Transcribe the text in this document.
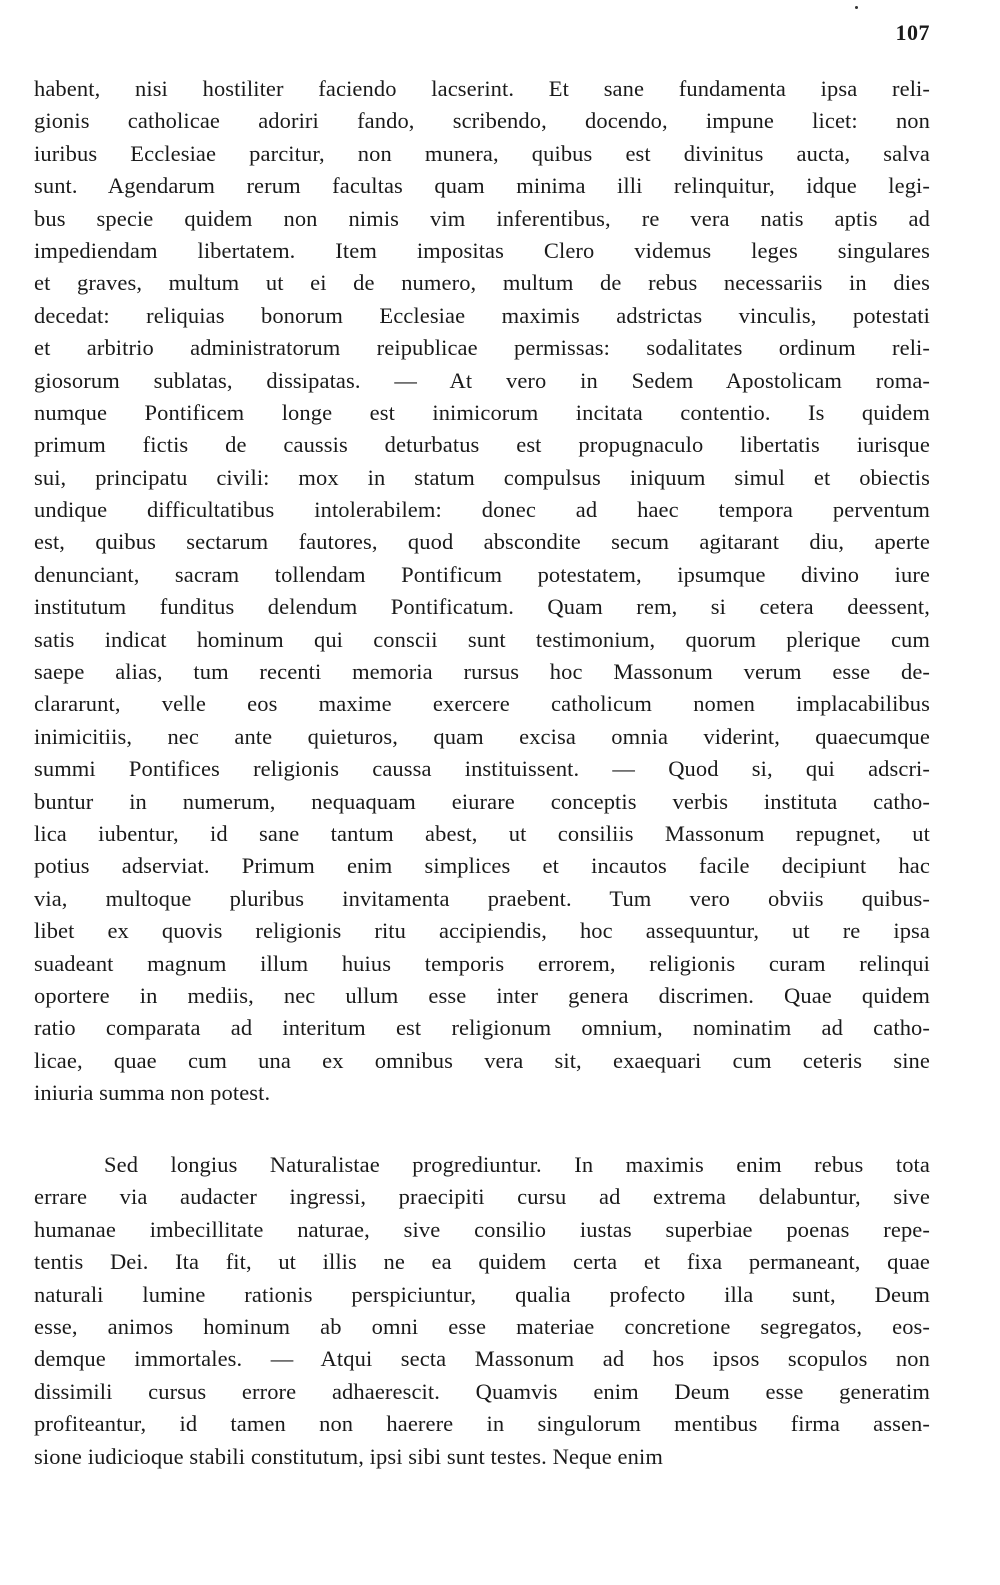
107
habent, nisi hostiliter faciendo lacserint. Et sane fundamenta ipsa reli-
gionis catholicae adoriri fando, scribendo, docendo, impune licet: non
iuribus Ecclesiae parcitur, non munera, quibus est divinitus aucta, salva
sunt. Agendarum rerum facultas quam minima illi relinquitur, idque legi-
bus specie quidem non nimis vim inferentibus, re vera natis aptis ad
impediendam libertatem. Item impositas Clero videmus leges singulares
et graves, multum ut ei de numero, multum de rebus necessariis in dies
decedat: reliquias bonorum Ecclesiae maximis adstrictas vinculis, potestati
et arbitrio administratorum reipublicae permissas: sodalitates ordinum reli-
giosorum sublatas, dissipatas. — At vero in Sedem Apostolicam roma-
numque Pontificem longe est inimicorum incitata contentio. Is quidem
primum fictis de caussis deturbatus est propugnaculo libertatis iurisque
sui, principatu civili: mox in statum compulsus iniquum simul et obiectis
undique difficultatibus intolerabilem: donec ad haec tempora perventum
est, quibus sectarum fautores, quod abscondite secum agitarant diu, aperte
denunciant, sacram tollendam Pontificum potestatem, ipsumque divino iure
institutum funditus delendum Pontificatum. Quam rem, si cetera deessent,
satis indicat hominum qui conscii sunt testimonium, quorum plerique cum
saepe alias, tum recenti memoria rursus hoc Massonum verum esse de-
clararunt, velle eos maxime exercere catholicum nomen implacabilibus
inimicitiis, nec ante quieturos, quam excisa omnia viderint, quaecumque
summi Pontifices religionis caussa instituissent. — Quod si, qui adscri-
buntur in numerum, nequaquam eiurare conceptis verbis instituta catho-
lica iubentur, id sane tantum abest, ut consiliis Massonum repugnet, ut
potius adserviat. Primum enim simplices et incautos facile decipiunt hac
via, multoque pluribus invitamenta praebent. Tum vero obviis quibus-
libet ex quovis religionis ritu accipiendis, hoc assequuntur, ut re ipsa
suadeant magnum illum huius temporis errorem, religionis curam relinqui
oportere in mediis, nec ullum esse inter genera discrimen. Quae quidem
ratio comparata ad interitum est religionum omnium, nominatim ad catho-
licae, quae cum una ex omnibus vera sit, exaequari cum ceteris sine
iniuria summa non potest.
Sed longius Naturalistae progrediuntur. In maximis enim rebus tota
errare via audacter ingressi, praecipiti cursu ad extrema delabuntur, sive
humanae imbecillitate naturae, sive consilio iustas superbiae poenas repe-
tentis Dei. Ita fit, ut illis ne ea quidem certa et fixa permaneant, quae
naturali lumine rationis perspiciuntur, qualia profecto illa sunt, Deum
esse, animos hominum ab omni esse materiae concretione segregatos, eos-
demque immortales. — Atqui secta Massonum ad hos ipsos scopulos non
dissimili cursus errore adhaerescit. Quamvis enim Deum esse generatim
profiteantur, id tamen non haerere in singulorum mentibus firma assen-
sione iudicioque stabili constitutum, ipsi sibi sunt testes. Neque enim
